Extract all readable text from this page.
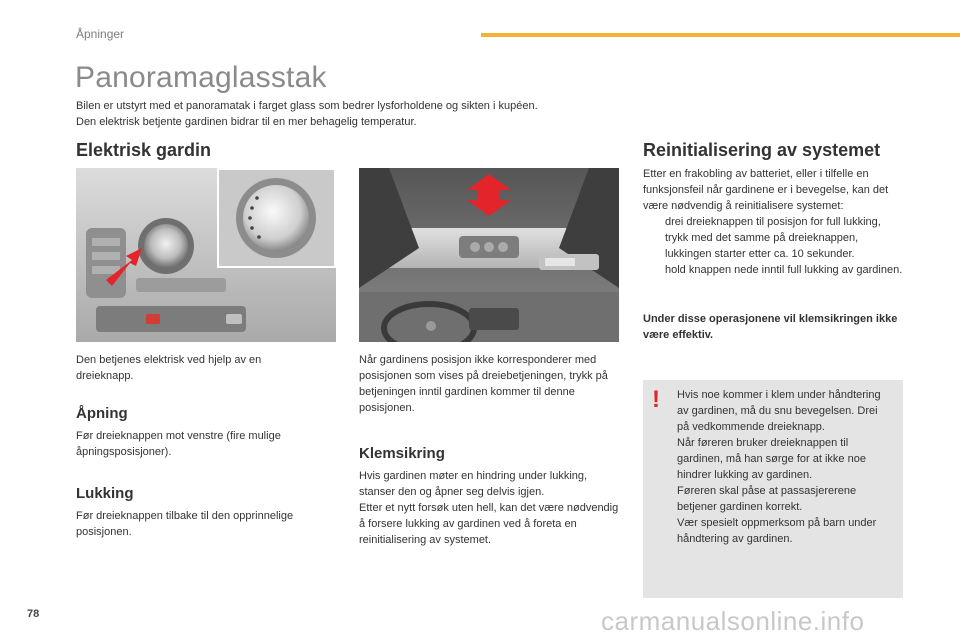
Åpninger
Panoramaglasstak
Bilen er utstyrt med et panoramatak i farget glass som bedrer lysforholdene og sikten i kupéen.
Den elektrisk betjente gardinen bidrar til en mer behagelig temperatur.
Elektrisk gardin
Den betjenes elektrisk ved hjelp av en dreieknapp.
Åpning
Før dreieknappen mot venstre (fire mulige åpningsposisjoner).
Lukking
Før dreieknappen tilbake til den opprinnelige posisjonen.
Når gardinens posisjon ikke korresponderer med posisjonen som vises på dreiebetjeningen, trykk på betjeningen inntil gardinen kommer til denne posisjonen.
Klemsikring
Hvis gardinen møter en hindring under lukking, stanser den og åpner seg delvis igjen.
Etter et nytt forsøk uten hell, kan det være nødvendig å forsere lukking av gardinen ved å foreta en reinitialisering av systemet.
Reinitialisering av systemet
Etter en frakobling av batteriet, eller i tilfelle en funksjonsfeil når gardinene er i bevegelse, kan det være nødvendig å reinitialisere systemet:
drei dreieknappen til posisjon for full lukking,
trykk med det samme på dreieknappen, lukkingen starter etter ca. 10 sekunder.
hold knappen nede inntil full lukking av gardinen.
Under disse operasjonene vil klemsikringen ikke være effektiv.
! Hvis noe kommer i klem under håndtering av gardinen, må du snu bevegelsen. Drei på vedkommende dreieknapp.
Når føreren bruker dreieknappen til gardinen, må han sørge for at ikke noe hindrer lukking av gardinen.
Føreren skal påse at passasjererene betjener gardinen korrekt.
Vær spesielt oppmerksom på barn under håndtering av gardinen.
78	carmanualsonline.info
